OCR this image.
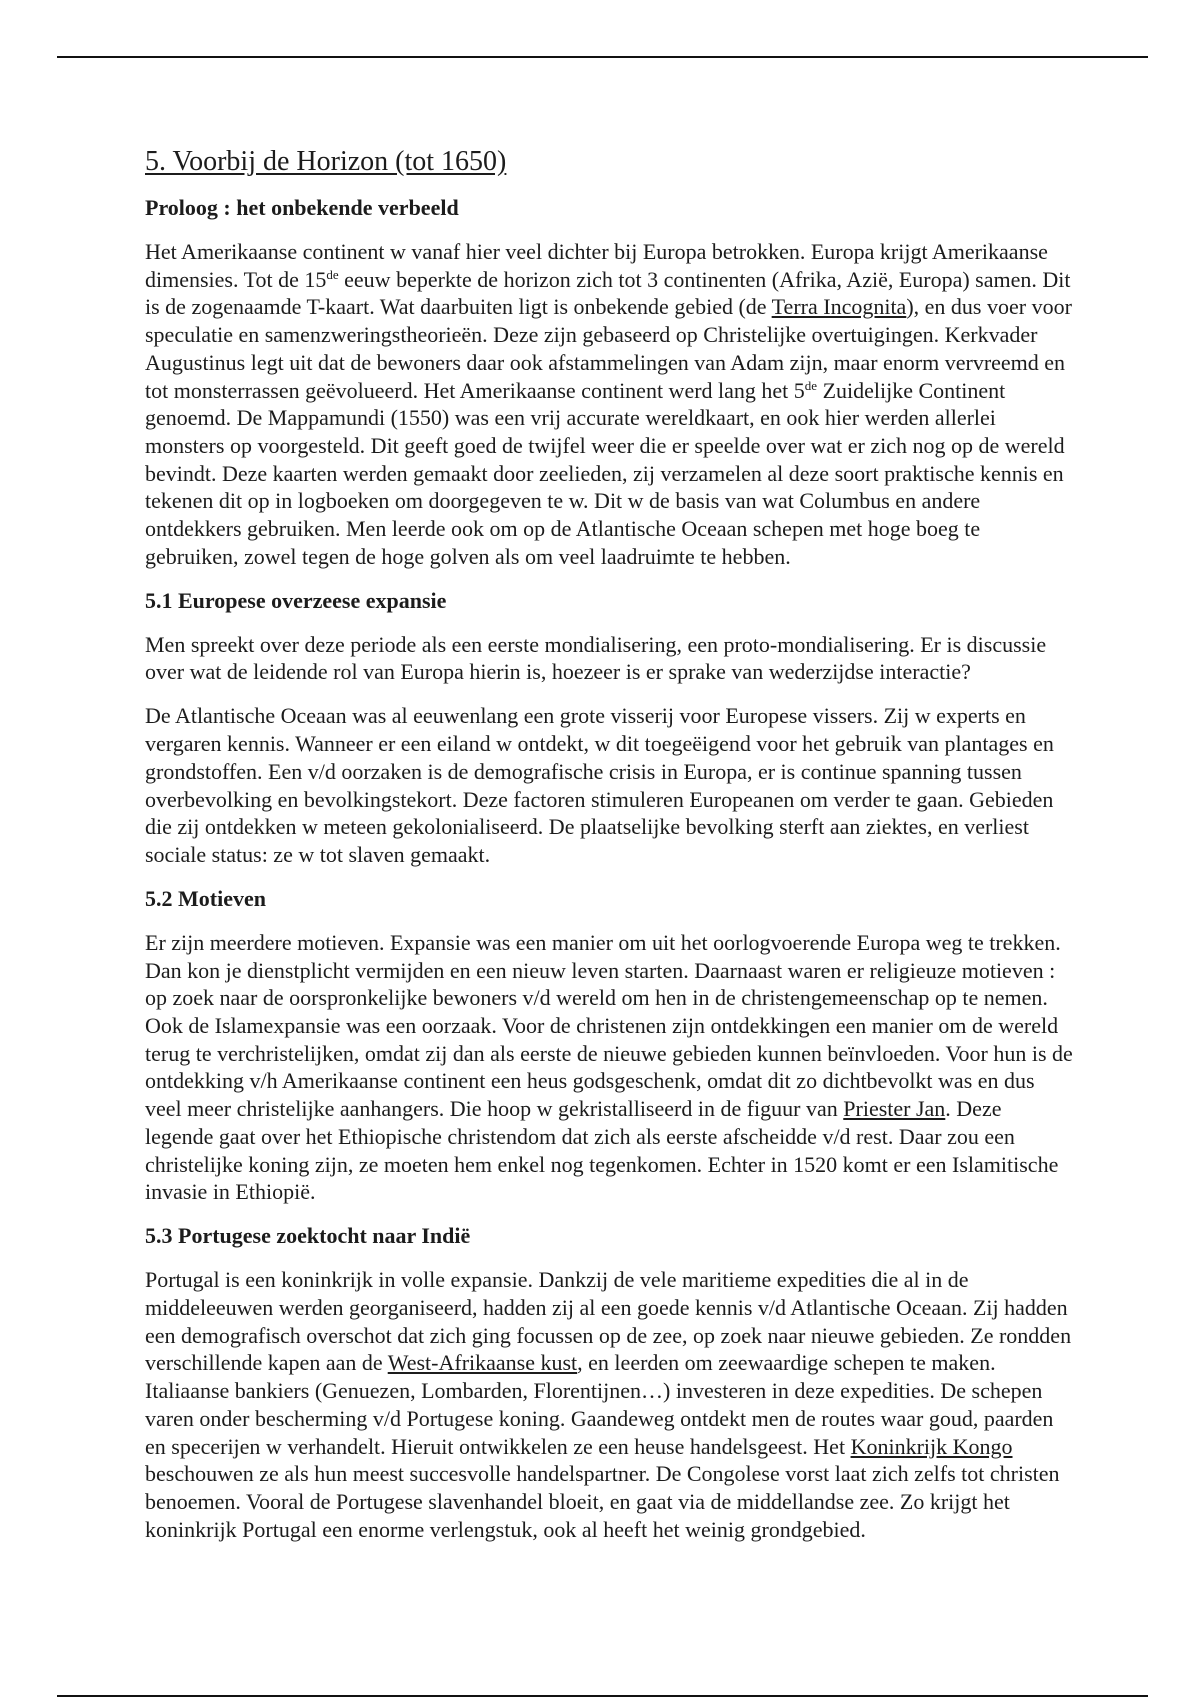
5. Voorbij de Horizon (tot 1650)
Proloog : het onbekende verbeeld

Het Amerikaanse continent w vanaf hier veel dichter bij Europa betrokken. Europa krijgt Amerikaanse dimensies. Tot de 15de eeuw beperkte de horizon zich tot 3 continenten (Afrika, Azië, Europa) samen. Dit is de zogenaamde T-kaart. Wat daarbuiten ligt is onbekende gebied (de Terra Incognita), en dus voer voor speculatie en samenzweringstheorieën. Deze zijn gebaseerd op Christelijke overtuigingen. Kerkvader Augustinus legt uit dat de bewoners daar ook afstammelingen van Adam zijn, maar enorm vervreemd en tot monsterrassen geëvolueerd. Het Amerikaanse continent werd lang het 5de Zuidelijke Continent genoemd. De Mappamundi (1550) was een vrij accurate wereldkaart, en ook hier werden allerlei monsters op voorgesteld. Dit geeft goed de twijfel weer die er speelde over wat er zich nog op de wereld bevindt. Deze kaarten werden gemaakt door zeelieden, zij verzamelen al deze soort praktische kennis en tekenen dit op in logboeken om doorgegeven te w. Dit w de basis van wat Columbus en andere ontdekkers gebruiken. Men leerde ook om op de Atlantische Oceaan schepen met hoge boeg te gebruiken, zowel tegen de hoge golven als om veel laadruimte te hebben.

5.1 Europese overzeese expansie

Men spreekt over deze periode als een eerste mondialisering, een proto-mondialisering. Er is discussie over wat de leidende rol van Europa hierin is, hoezeer is er sprake van wederzijdse interactie?

De Atlantische Oceaan was al eeuwenlang een grote visserij voor Europese vissers. Zij w experts en vergaren kennis. Wanneer er een eiland w ontdekt, w dit toegeëigend voor het gebruik van plantages en grondstoffen. Een v/d oorzaken is de demografische crisis in Europa, er is continue spanning tussen overbevolking en bevolkingstekort. Deze factoren stimuleren Europeanen om verder te gaan. Gebieden die zij ontdekken w meteen gekolonialiseerd. De plaatselijke bevolking sterft aan ziektes, en verliest sociale status: ze w tot slaven gemaakt.

5.2 Motieven

Er zijn meerdere motieven. Expansie was een manier om uit het oorlogvoerende Europa weg te trekken. Dan kon je dienstplicht vermijden en een nieuw leven starten. Daarnaast waren er religieuze motieven : op zoek naar de oorspronkelijke bewoners v/d wereld om hen in de christengemeenschap op te nemen. Ook de Islamexpansie was een oorzaak. Voor de christenen zijn ontdekkingen een manier om de wereld terug te verchristelijken, omdat zij dan als eerste de nieuwe gebieden kunnen beïnvloeden. Voor hun is de ontdekking v/h Amerikaanse continent een heus godsgeschenk, omdat dit zo dichtbevolkt was en dus veel meer christelijke aanhangers. Die hoop w gekristalliseerd in de figuur van Priester Jan. Deze legende gaat over het Ethiopische christendom dat zich als eerste afscheidde v/d rest. Daar zou een christelijke koning zijn, ze moeten hem enkel nog tegenkomen. Echter in 1520 komt er een Islamitische invasie in Ethiopië.

5.3 Portugese zoektocht naar Indië

Portugal is een koninkrijk in volle expansie. Dankzij de vele maritieme expedities die al in de middeleeuwen werden georganiseerd, hadden zij al een goede kennis v/d Atlantische Oceaan. Zij hadden een demografisch overschot dat zich ging focussen op de zee, op zoek naar nieuwe gebieden. Ze rondden verschillende kapen aan de West-Afrikaanse kust, en leerden om zeewaardige schepen te maken. Italiaanse bankiers (Genuezen, Lombarden, Florentijnen…) investeren in deze expedities. De schepen varen onder bescherming v/d Portugese koning. Gaandeweg ontdekt men de routes waar goud, paarden en specerijen w verhandelt. Hieruit ontwikkelen ze een heuse handelsgeest. Het Koninkrijk Kongo beschouwen ze als hun meest succesvolle handelspartner. De Congolese vorst laat zich zelfs tot christen benoemen. Vooral de Portugese slavenhandel bloeit, en gaat via de middellandse zee. Zo krijgt het koninkrijk Portugal een enorme verlengstuk, ook al heeft het weinig grondgebied.
